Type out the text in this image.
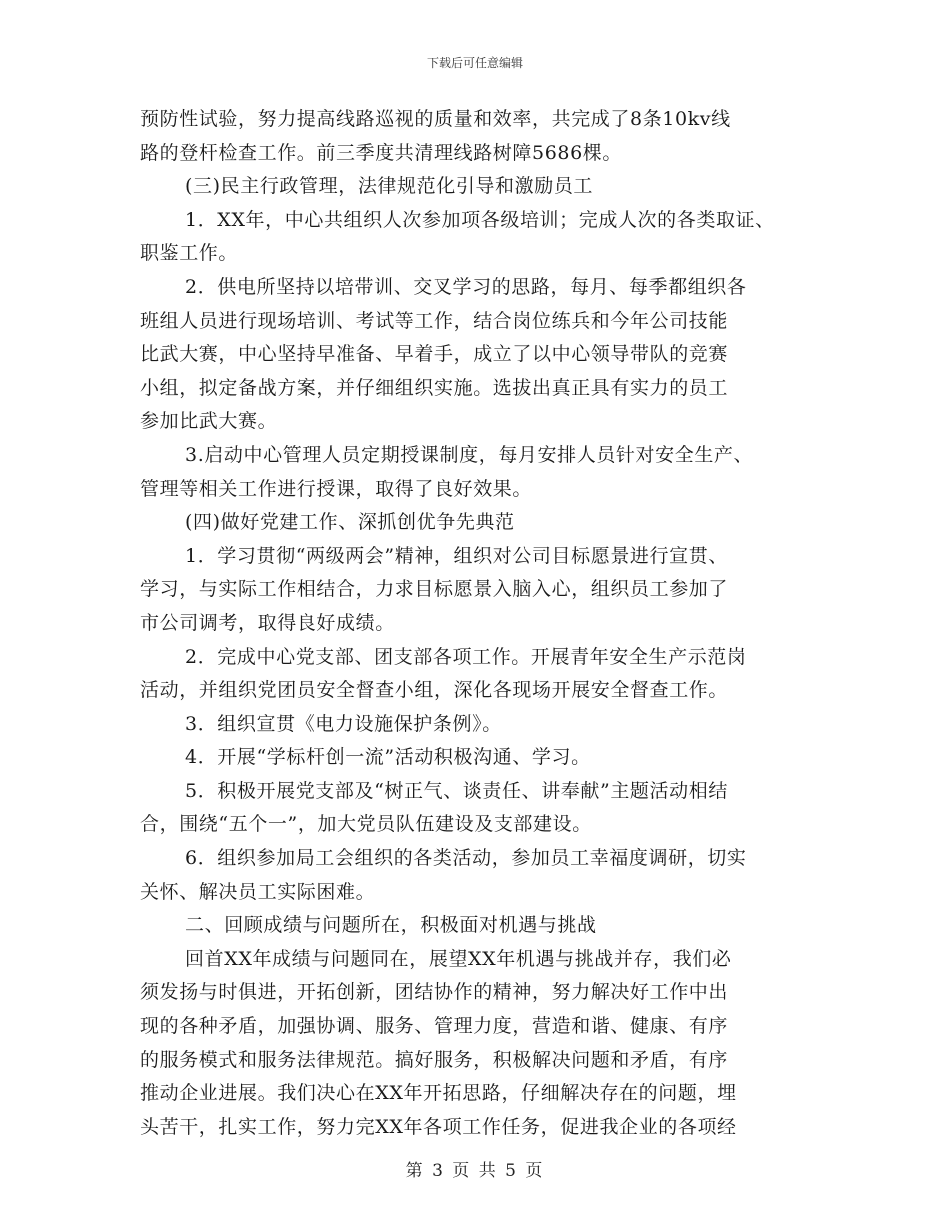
下载后可任意编辑
预防性试验，努力提高线路巡视的质量和效率，共完成了8条10kv线
路的登杆检查工作。前三季度共清理线路树障5686棵。
(三)民主行政管理，法律规范化引导和激励员工
1．XX年，中心共组织人次参加项各级培训；完成人次的各类取证、
职鉴工作。
2．供电所坚持以培带训、交叉学习的思路，每月、每季都组织各
班组人员进行现场培训、考试等工作，结合岗位练兵和今年公司技能
比武大赛，中心坚持早准备、早着手，成立了以中心领导带队的竞赛
小组，拟定备战方案，并仔细组织实施。选拔出真正具有实力的员工
参加比武大赛。
3.启动中心管理人员定期授课制度，每月安排人员针对安全生产、
管理等相关工作进行授课，取得了良好效果。
(四)做好党建工作、深抓创优争先典范
1．学习贯彻“两级两会”精神，组织对公司目标愿景进行宣贯、
学习，与实际工作相结合，力求目标愿景入脑入心，组织员工参加了
市公司调考，取得良好成绩。
2．完成中心党支部、团支部各项工作。开展青年安全生产示范岗
活动，并组织党团员安全督查小组，深化各现场开展安全督查工作。
3．组织宣贯《电力设施保护条例》。
4．开展“学标杆创一流”活动积极沟通、学习。
5．积极开展党支部及“树正气、谈责任、讲奉献”主题活动相结
合，围绕“五个一”，加大党员队伍建设及支部建设。
6．组织参加局工会组织的各类活动，参加员工幸福度调研，切实
关怀、解决员工实际困难。
二、回顾成绩与问题所在，积极面对机遇与挑战
回首XX年成绩与问题同在，展望XX年机遇与挑战并存，我们必
须发扬与时俱进，开拓创新，团结协作的精神，努力解决好工作中出
现的各种矛盾，加强协调、服务、管理力度，营造和谐、健康、有序
的服务模式和服务法律规范。搞好服务，积极解决问题和矛盾，有序
推动企业进展。我们决心在XX年开拓思路，仔细解决存在的问题，埋
头苦干，扎实工作，努力完XX年各项工作任务，促进我企业的各项经
第 3 页 共 5 页
